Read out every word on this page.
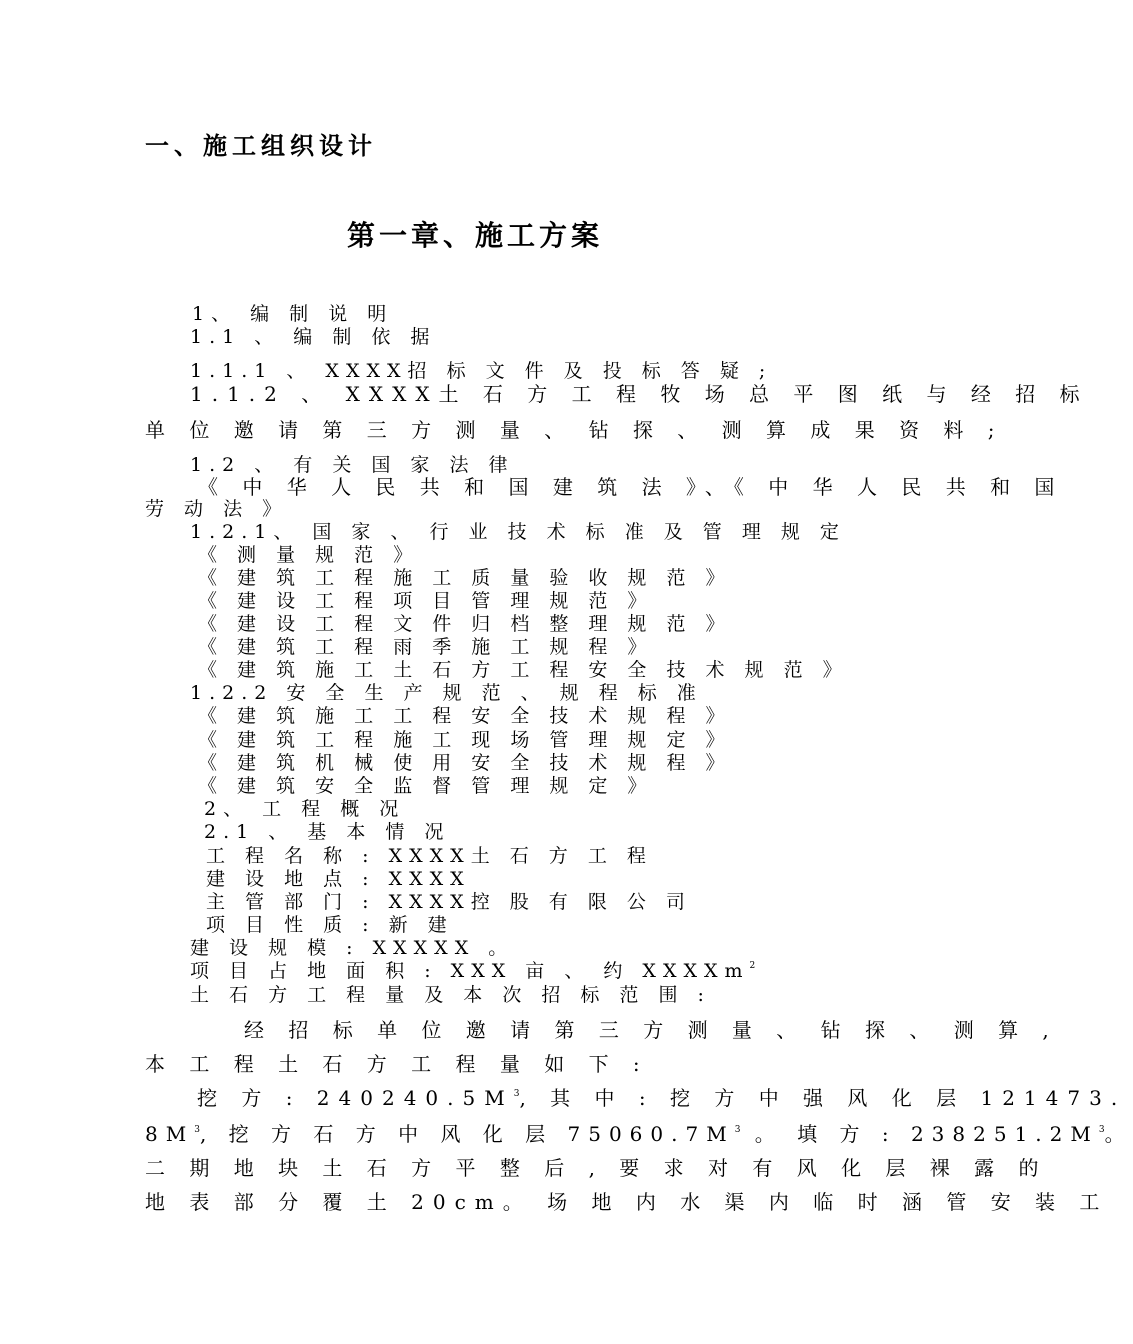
一、施工组织设计
第一章、施工方案
1、 编 制 说 明
1.1 、 编 制 依 据
1.1.1 、 XXXX招 标 文 件 及 投 标 答 疑 ;
1.1.2 、 XXXX土 石 方 工 程 牧 场 总 平 图 纸 与 经 招 标
单 位 邀 请 第 三 方 测 量 、 钻 探 、 测 算 成 果 资 料 ;
1.2 、 有 关 国 家 法 律
《 中 华 人 民 共 和 国 建 筑 法 》、《 中 华 人 民 共 和 国
劳 动 法 》
1.2.1、 国 家 、 行 业 技 术 标 准 及 管 理 规 定
《 测 量 规 范 》
《 建 筑 工 程 施 工 质 量 验 收 规 范 》
《 建 设 工 程 项 目 管 理 规 范 》
《 建 设 工 程 文 件 归 档 整 理 规 范 》
《 建 筑 工 程 雨 季 施 工 规 程 》
《 建 筑 施 工 土 石 方 工 程 安 全 技 术 规 范 》
1.2.2 安 全 生 产 规 范 、 规 程 标 准
《 建 筑 施 工 工 程 安 全 技 术 规 程 》
《 建 筑 工 程 施 工 现 场 管 理 规 定 》
《 建 筑 机 械 使 用 安 全 技 术 规 程 》
《 建 筑 安 全 监 督 管 理 规 定 》
2、 工 程 概 况
2.1 、 基 本 情 况
工 程 名 称 : XXXX土 石 方 工 程
建 设 地 点 : XXXX
主 管 部 门 : XXXX控 股 有 限 公 司
项 目 性 质 : 新 建
建 设 规 模 : XXXXX 。
项 目 占 地 面 积 : XXX 亩 、 约 XXXXm$^2$
土 石 方 工 程 量 及 本 次 招 标 范 围 :
经 招 标 单 位 邀 请 第 三 方 测 量 、 钻 探 、 测 算 ,
本 工 程 土 石 方 工 程 量 如 下 :
挖 方 : $240240.5M^3$, 其 中 : 挖 方 中 强 风 化 层 121473.
$8M^3$, 挖 方 石 方 中 风 化 层 $75060.7M^3$ 。 填 方 : $238251.2M^3$。
二 期 地 块 土 石 方 平 整 后 , 要 求 对 有 风 化 层 裸 露 的
地 表 部 分 覆 土 20cm。 场 地 内 水 渠 内 临 时 涵 管 安 装 工
